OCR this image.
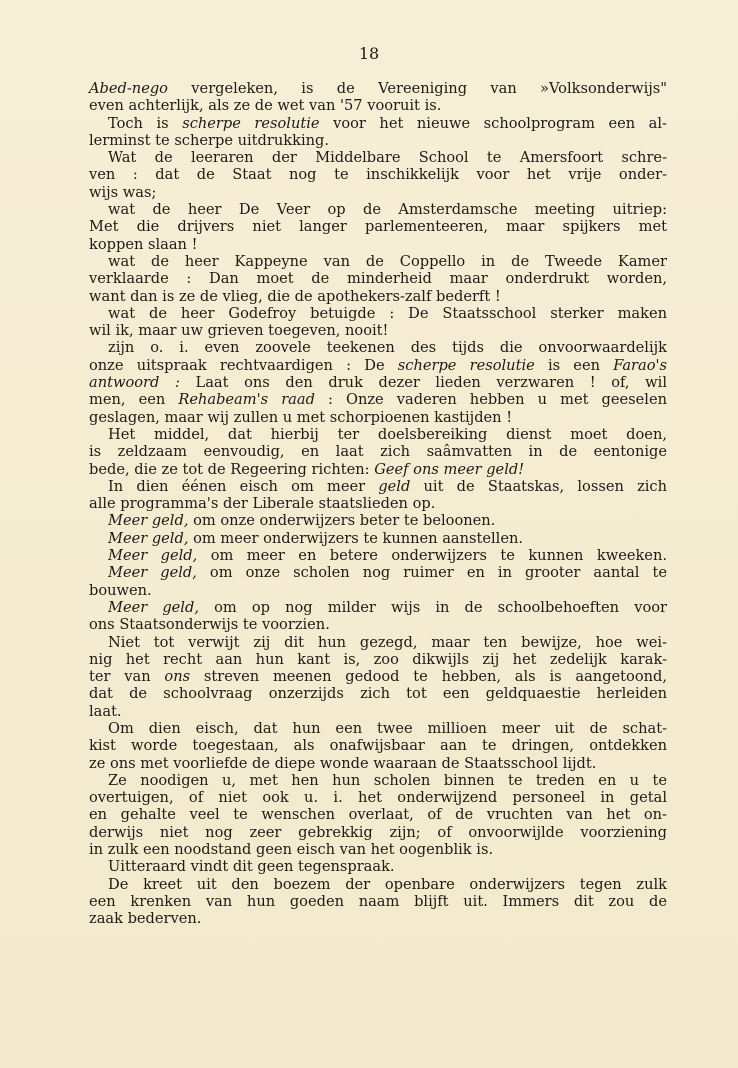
18
Abed-nego vergeleken, is de Vereeniging van »Volksonderwijs"
even achterlijk, als ze de wet van '57 vooruit is.
Toch is scherpe resolutie voor het nieuwe schoolprogram een al-
lerminst te scherpe uitdrukking.
Wat de leeraren der Middelbare School te Amersfoort schre-
ven : dat de Staat nog te inschikkelijk voor het vrije onder-
wijs was;
wat de heer De Veer op de Amsterdamsche meeting uitriep:
Met die drijvers niet langer parlementeeren, maar spijkers met
koppen slaan !
wat de heer Kappeyne van de Coppello in de Tweede Kamer
verklaarde : Dan moet de minderheid maar onderdrukt worden,
want dan is ze de vlieg, die de apothekers-zalf bederft !
wat de heer Godefroy betuigde : De Staatsschool sterker maken
wil ik, maar uw grieven toegeven, nooit!
zijn o. i. even zoovele teekenen des tijds die onvoorwaardelijk
onze uitspraak rechtvaardigen : De scherpe resolutie is een Farao's
antwoord : Laat ons den druk dezer lieden verzwaren ! of, wil
men, een Rehabeam's raad : Onze vaderen hebben u met geeselen
geslagen, maar wij zullen u met schorpioenen kastijden !
Het middel, dat hierbij ter doelsbereiking dienst moet doen,
is zeldzaam eenvoudig, en laat zich saâmvatten in de eentonige
bede, die ze tot de Regeering richten: Geef ons meer geld!
In dien éénen eisch om meer geld uit de Staatskas, lossen zich
alle programma's der Liberale staatslieden op.
Meer geld, om onze onderwijzers beter te beloonen.
Meer geld, om meer onderwijzers te kunnen aanstellen.
Meer geld, om meer en betere onderwijzers te kunnen kweeken.
Meer geld, om onze scholen nog ruimer en in grooter aantal te
bouwen.
Meer geld, om op nog milder wijs in de schoolbehoeften voor
ons Staatsonderwijs te voorzien.
Niet tot verwijt zij dit hun gezegd, maar ten bewijze, hoe wei-
nig het recht aan hun kant is, zoo dikwijls zij het zedelijk karak-
ter van ons streven meenen gedood te hebben, als is aangetoond,
dat de schoolvraag onzerzijds zich tot een geldquaestie herleiden
laat.
Om dien eisch, dat hun een twee millioen meer uit de schat-
kist worde toegestaan, als onafwijsbaar aan te dringen, ontdekken
ze ons met voorliefde de diepe wonde waaraan de Staatsschool lijdt.
Ze noodigen u, met hen hun scholen binnen te treden en u te
overtuigen, of niet ook u. i. het onderwijzend personeel in getal
en gehalte veel te wenschen overlaat, of de vruchten van het on-
derwijs niet nog zeer gebrekkig zijn; of onvoorwijlde voorziening
in zulk een noodstand geen eisch van het oogenblik is.
Uitteraard vindt dit geen tegenspraak.
De kreet uit den boezem der openbare onderwijzers tegen zulk
een krenken van hun goeden naam blijft uit. Immers dit zou de
zaak bederven.
